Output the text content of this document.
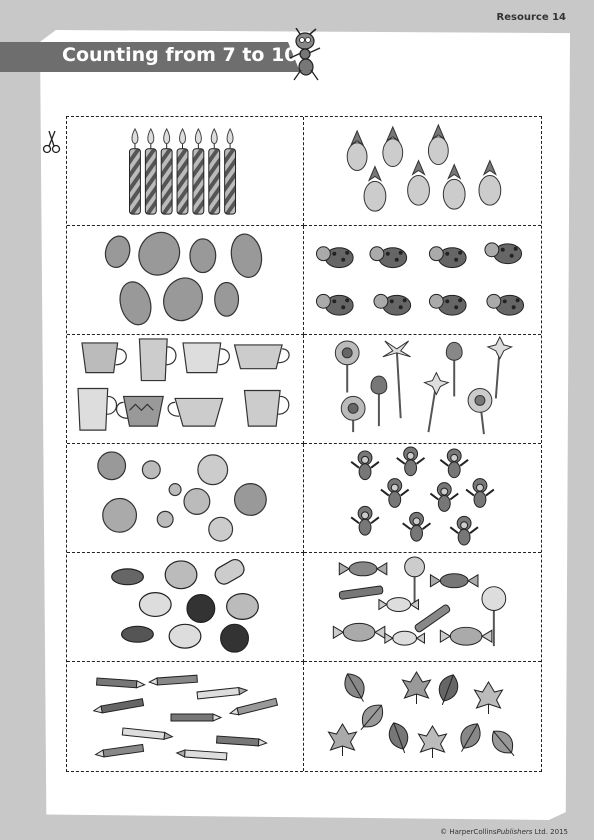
Resource 14
Counting from 7 to 10
© HarperCollinsPublishers Ltd. 2015
